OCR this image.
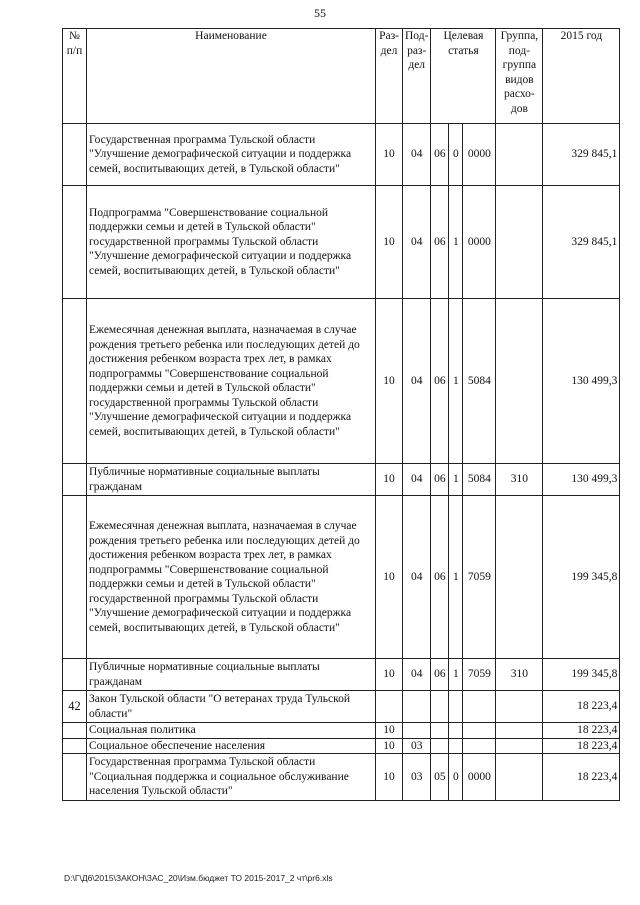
55
№ п/п	Наименование	Раз-дел	Под-раз-дел	Целевая статья			Группа, под-группа видов расхо-дов	2015 год
	Государственная программа Тульской области "Улучшение демографической ситуации и поддержка семей, воспитывающих детей, в Тульской области"	10	04	06	0	0000		329 845,1
	Подпрограмма "Совершенствование социальной поддержки семьи и детей в Тульской области" государственной программы Тульской области "Улучшение демографической ситуации и поддержка семей, воспитывающих детей, в Тульской области"	10	04	06	1	0000		329 845,1
	Ежемесячная денежная выплата, назначаемая в случае рождения третьего ребенка или последующих детей до достижения ребенком возраста трех лет, в рамках подпрограммы "Совершенствование социальной поддержки семьи и детей в Тульской области" государственной программы Тульской области "Улучшение демографической ситуации и поддержка семей, воспитывающих детей, в Тульской области"	10	04	06	1	5084		130 499,3
	Публичные нормативные социальные выплаты гражданам	10	04	06	1	5084	310	130 499,3
	Ежемесячная денежная выплата, назначаемая в случае рождения третьего ребенка или последующих детей до достижения ребенком возраста трех лет, в рамках подпрограммы "Совершенствование социальной поддержки семьи и детей в Тульской области" государственной программы Тульской области "Улучшение демографической ситуации и поддержка семей, воспитывающих детей, в Тульской области"	10	04	06	1	7059		199 345,8
	Публичные нормативные социальные выплаты гражданам	10	04	06	1	7059	310	199 345,8
42	Закон Тульской области "О ветеранах труда Тульской области"							18 223,4
	Социальная политика	10						18 223,4
	Социальное обеспечение населения	10	03					18 223,4
	Государственная программа Тульской области "Социальная поддержка и социальное обслуживание населения Тульской области"	10	03	05	0	0000		18 223,4
D:\Г\Д6\2015\ЗАКОН\ЗАС_20\Изм.бюджет ТО 2015-2017_2 чт\pr6.xls
